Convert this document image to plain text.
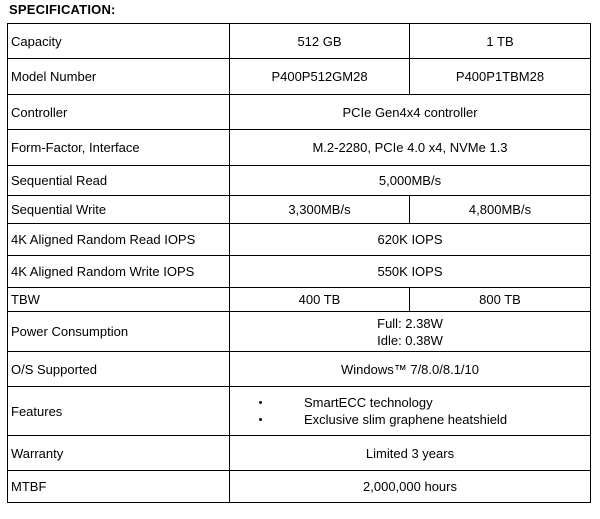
SPECIFICATION:
Capacity	512 GB	1 TB
Model Number	P400P512GM28	P400P1TBM28
Controller	PCIe Gen4x4 controller	
Form-Factor, Interface	M.2-2280, PCIe 4.0 x4, NVMe 1.3	
Sequential Read	5,000MB/s	
Sequential Write	3,300MB/s	4,800MB/s
4K Aligned Random Read IOPS	620K IOPS	
4K Aligned Random Write IOPS	550K IOPS	
TBW	400 TB	800 TB
Power Consumption	Full: 2.38W
Idle: 0.38W	

O/S Supported	Windows™ 7/8.0/8.1/10	
Features	• SmartECC technology
• Exclusive slim graphene heatshield	

Warranty	Limited 3 years	
MTBF	2,000,000 hours	
